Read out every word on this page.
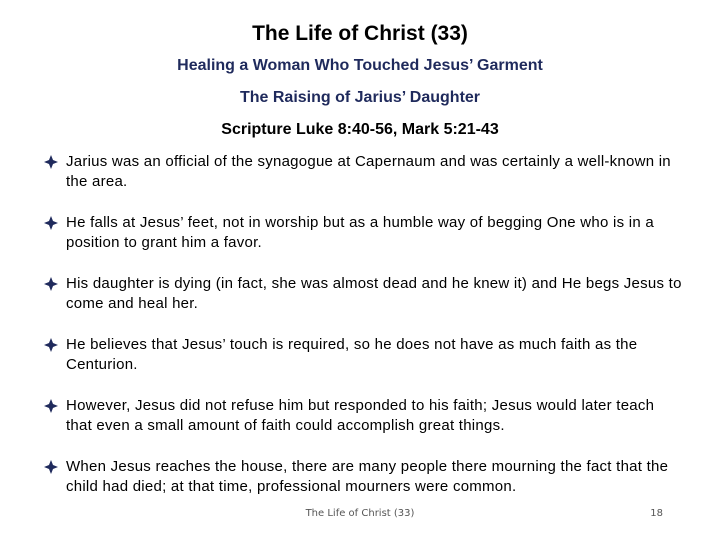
The Life of Christ (33)

Healing a Woman Who Touched Jesus’ Garment

The Raising of Jarius’ Daughter

Scripture Luke 8:40-56, Mark 5:21-43

Jarius was an official of the synagogue at Capernaum and was certainly a well-known in the area.
He falls at Jesus’ feet, not in worship but as a humble way of begging One who is in a position to grant him a favor.
His daughter is dying (in fact, she was almost dead and he knew it) and He begs Jesus to come and heal her.
He believes that Jesus’ touch is required, so he does not have as much faith as the Centurion.
However, Jesus did not refuse him but responded to his faith; Jesus would later teach that even a small amount of faith could accomplish great things.
When Jesus reaches the house, there are many people there mourning the fact that the child had died; at that time, professional mourners were common.
The Life of Christ (33)	18
